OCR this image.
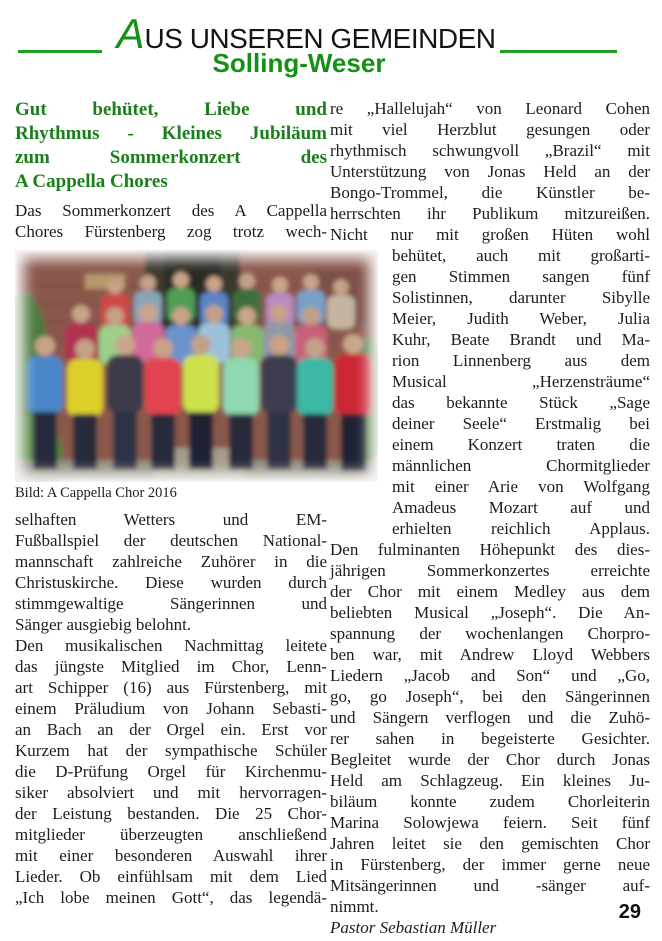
AUS UNSEREN GEMEINDEN
Solling-Weser
Gut behütet, Liebe und
Rhythmus - Kleines Jubiläum
zum Sommerkonzert des
A Cappella Chores
Das Sommerkonzert des A Cappella
Chores Fürstenberg zog trotz wech-
Bild: A Cappella Chor 2016
selhaften Wetters und EM-
Fußballspiel der deutschen National-
mannschaft zahlreiche Zuhörer in die
Christuskirche. Diese wurden durch
stimmgewaltige Sängerinnen und
Sänger ausgiebig belohnt.
Den musikalischen Nachmittag leitete
das jüngste Mitglied im Chor, Lenn-
art Schipper (16) aus Fürstenberg, mit
einem Präludium von Johann Sebasti-
an Bach an der Orgel ein. Erst vor
Kurzem hat der sympathische Schüler
die D-Prüfung Orgel für Kirchenmu-
siker absolviert und mit hervorragen-
der Leistung bestanden. Die 25 Chor-
mitglieder überzeugten anschließend
mit einer besonderen Auswahl ihrer
Lieder. Ob einfühlsam mit dem Lied
„Ich lobe meinen Gott“, das legendä-
re „Hallelujah“ von Leonard Cohen
mit viel Herzblut gesungen oder
rhythmisch schwungvoll „Brazil“ mit
Unterstützung von Jonas Held an der
Bongo-Trommel, die Künstler be-
herrschten ihr Publikum mitzureißen.
Nicht nur mit großen Hüten wohl
behütet, auch mit großarti-
gen Stimmen sangen fünf
Solistinnen, darunter Sibylle
Meier, Judith Weber, Julia
Kuhr, Beate Brandt und Ma-
rion Linnenberg aus dem
Musical „Herzensträume“
das bekannte Stück „Sage
deiner Seele“ Erstmalig bei
einem Konzert traten die
männlichen Chormitglieder
mit einer Arie von Wolfgang
Amadeus Mozart auf und
erhielten reichlich Applaus.
Den fulminanten Höhepunkt des dies-
jährigen Sommerkonzertes erreichte
der Chor mit einem Medley aus dem
beliebten Musical „Joseph“. Die An-
spannung der wochenlangen Chorpro-
ben war, mit Andrew Lloyd Webbers
Liedern „Jacob and Son“ und „Go,
go, go Joseph“, bei den Sängerinnen
und Sängern verflogen und die Zuhö-
rer sahen in begeisterte Gesichter.
Begleitet wurde der Chor durch Jonas
Held am Schlagzeug. Ein kleines Ju-
biläum konnte zudem Chorleiterin
Marina Solowjewa feiern. Seit fünf
Jahren leitet sie den gemischten Chor
in Fürstenberg, der immer gerne neue
Mitsängerinnen und -sänger auf-
nimmt.
Pastor Sebastian Müller
29
